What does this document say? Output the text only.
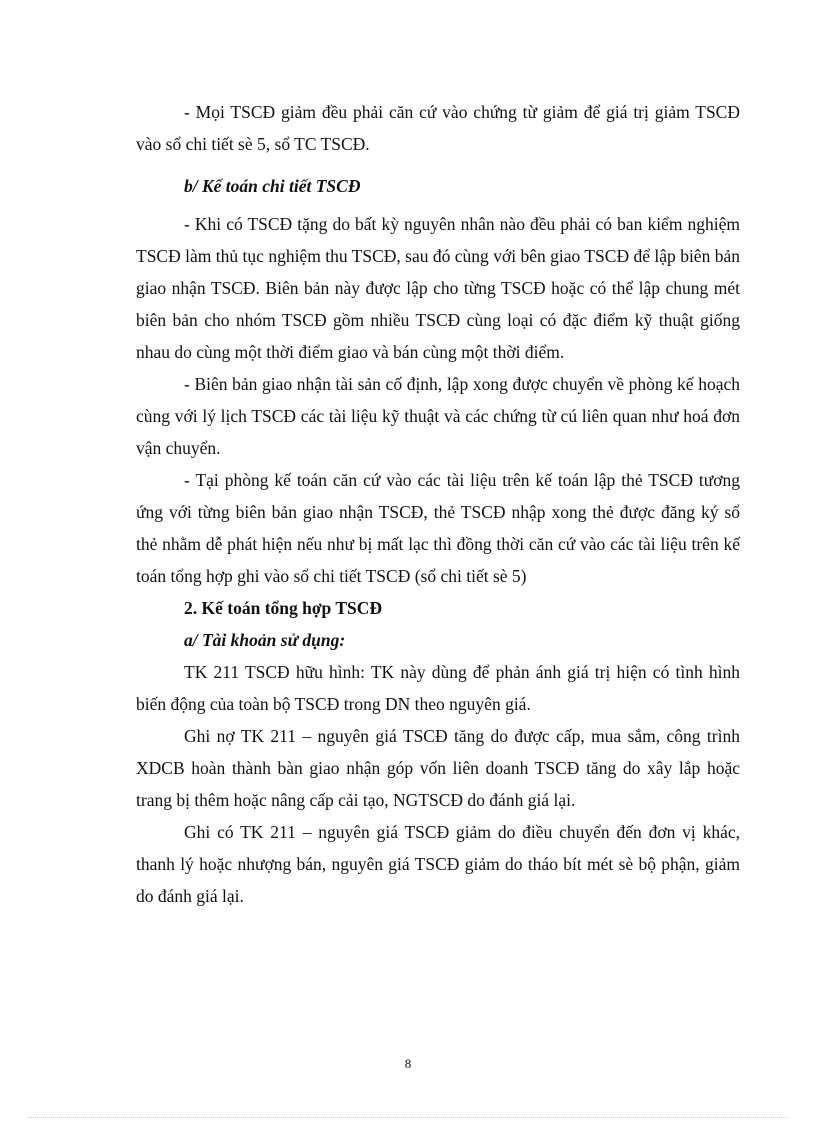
- Mọi TSCĐ giảm đều phải căn cứ vào chứng từ giảm để giá trị giảm TSCĐ vào sổ chi tiết sè 5, sổ TC TSCĐ.

b/ Kế toán chi tiết TSCĐ

- Khi có TSCĐ tặng do bất kỳ nguyên nhân nào đều phải có ban kiểm nghiệm TSCĐ làm thủ tục nghiệm thu TSCĐ, sau đó cùng với bên giao TSCĐ để lập biên bản giao nhận TSCĐ. Biên bản này được lập cho từng TSCĐ hoặc có thể lập chung mét biên bản cho nhóm TSCĐ gồm nhiều TSCĐ cùng loại có đặc điểm kỹ thuật giống nhau do cùng một thời điểm giao và bán cùng một thời điểm.

- Biên bản giao nhận tài sản cố định, lập xong được chuyển về phòng kế hoạch cùng với lý lịch TSCĐ các tài liệu kỹ thuật và các chứng từ cú liên quan như hoá đơn vận chuyển.

- Tại phòng kế toán căn cứ vào các tài liệu trên kế toán lập thẻ TSCĐ tương ứng với từng biên bản giao nhận TSCĐ, thẻ TSCĐ nhập xong thẻ được đăng ký sổ thẻ nhằm dễ phát hiện nếu như bị mất lạc thì đồng thời căn cứ vào các tài liệu trên kế toán tổng hợp ghi vào sổ chi tiết TSCĐ (sổ chi tiết sè 5)

2. Kế toán tổng hợp TSCĐ

a/ Tài khoản sử dụng:

TK 211 TSCĐ hữu hình: TK này dùng để phản ánh giá trị hiện có tình hình biến động của toàn bộ TSCĐ trong DN theo nguyên giá.

Ghi nợ TK 211 – nguyên giá TSCĐ tăng do được cấp, mua sắm, công trình XDCB hoàn thành bàn giao nhận góp vốn liên doanh TSCĐ tăng do xây lắp hoặc trang bị thêm hoặc nâng cấp cải tạo, NGTSCĐ do đánh giá lại.

Ghi có TK 211 – nguyên giá TSCĐ giảm do điều chuyển đến đơn vị khác, thanh lý hoặc nhượng bán, nguyên giá TSCĐ giảm do tháo bít mét sè bộ phận, giảm do đánh giá lại.

8
